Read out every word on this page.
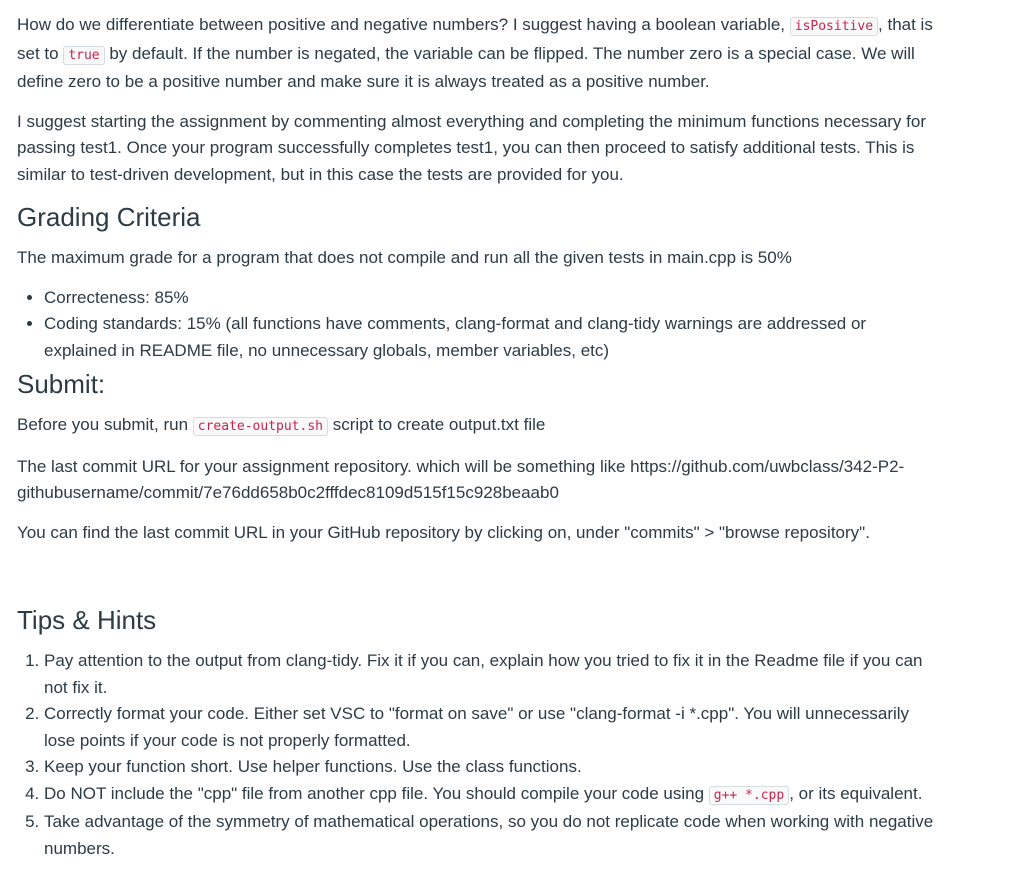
How do we differentiate between positive and negative numbers? I suggest having a boolean variable, isPositive , that is set to true by default. If the number is negated, the variable can be flipped. The number zero is a special case. We will define zero to be a positive number and make sure it is always treated as a positive number.

I suggest starting the assignment by commenting almost everything and completing the minimum functions necessary for passing test1. Once your program successfully completes test1, you can then proceed to satisfy additional tests. This is similar to test-driven development, but in this case the tests are provided for you.

Grading Criteria

The maximum grade for a program that does not compile and run all the given tests in main.cpp is 50%

• Correcteness: 85%
• Coding standards: 15% (all functions have comments, clang-format and clang-tidy warnings are addressed or explained in README file, no unnecessary globals, member variables, etc)
Submit:

Before you submit, run create-output.sh script to create output.txt file

The last commit URL for your assignment repository. which will be something like https://github.com/uwbclass/342-P2-githubusername/commit/7e76dd658b0c2fffdec8109d515f15c928beaab0

You can find the last commit URL in your GitHub repository by clicking on, under "commits" > "browse repository".

Tips & Hints
1. Pay attention to the output from clang-tidy. Fix it if you can, explain how you tried to fix it in the Readme file if you can not fix it.
2. Correctly format your code. Either set VSC to "format on save" or use "clang-format -i *.cpp". You will unnecessarily lose points if your code is not properly formatted.
3. Keep your function short. Use helper functions. Use the class functions.
4. Do NOT include the "cpp" file from another cpp file. You should compile your code using g++ *.cpp , or its equivalent.
5. Take advantage of the symmetry of mathematical operations, so you do not replicate code when working with negative numbers.
